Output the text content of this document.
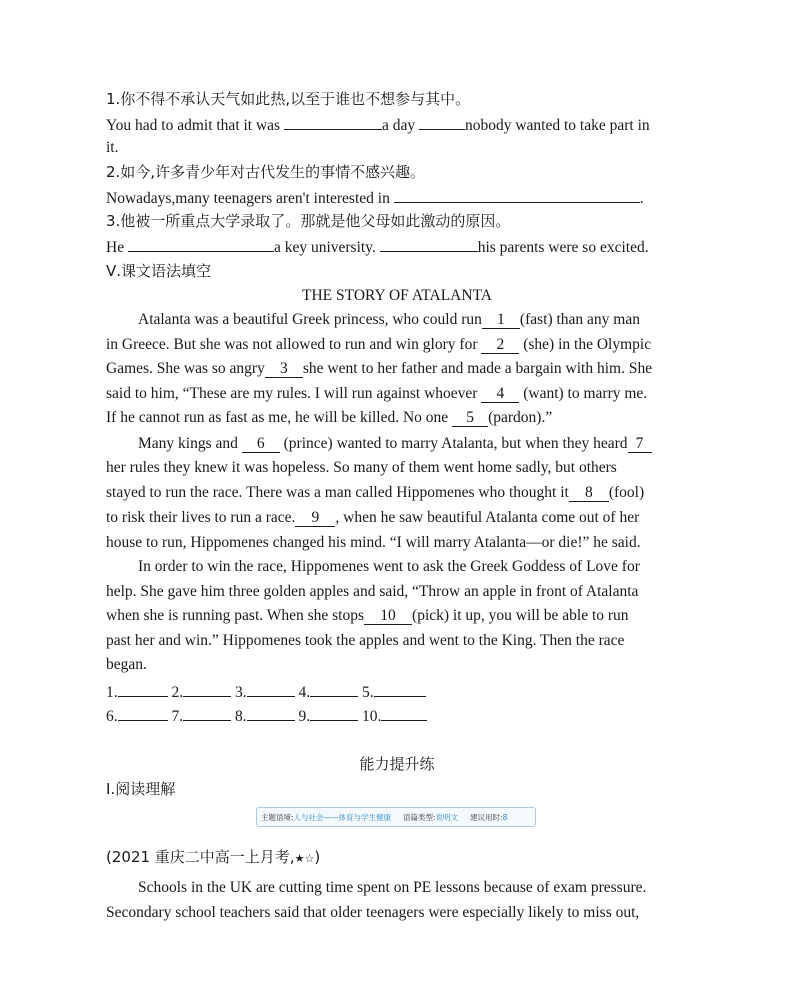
1.你不得不承认天气如此热,以至于谁也不想参与其中。
You had to admit that it was	a day	nobody wanted to take part in
it.
2.如今,许多青少年对古代发生的事情不感兴趣。
Nowadays,many teenagers aren't interested in	.
3.他被一所重点大学录取了。那就是他父母如此激动的原因。
He	a key university.	his parents were so excited.
Ⅴ.课文语法填空
THE STORY OF ATALANTA
Atalanta was a beautiful Greek princess, who could run 1 (fast) than any man
in Greece. But she was not allowed to run and win glory for 2 (she) in the Olympic
Games. She was so angry 3 she went to her father and made a bargain with him. She
said to him, “These are my rules. I will run against whoever 4 (want) to marry me.
If he cannot run as fast as me, he will be killed. No one 5 (pardon).”
Many kings and 6 (prince) wanted to marry Atalanta, but when they heard 7
her rules they knew it was hopeless. So many of them went home sadly, but others
stayed to run the race. There was a man called Hippomenes who thought it 8 (fool)
to risk their lives to run a race. 9 , when he saw beautiful Atalanta come out of her
house to run, Hippomenes changed his mind. “I will marry Atalanta—or die!” he said.
In order to win the race, Hippomenes went to ask the Greek Goddess of Love for
help. She gave him three golden apples and said, “Throw an apple in front of Atalanta
when she is running past. When she stops 10 (pick) it up, you will be able to run
past her and win.” Hippomenes took the apples and went to the King. Then the race
began.
1.	2.	3.	4.	5.
6.	7.	8.	9.	10.
能力提升练
Ⅰ.阅读理解
主题语境:人与社会——体育与学生健康 语篇类型:说明文 建议用时:8
(2021 重庆二中高一上月考,★☆)
Schools in the UK are cutting time spent on PE lessons because of exam pressure.
Secondary school teachers said that older teenagers were especially likely to miss out,
